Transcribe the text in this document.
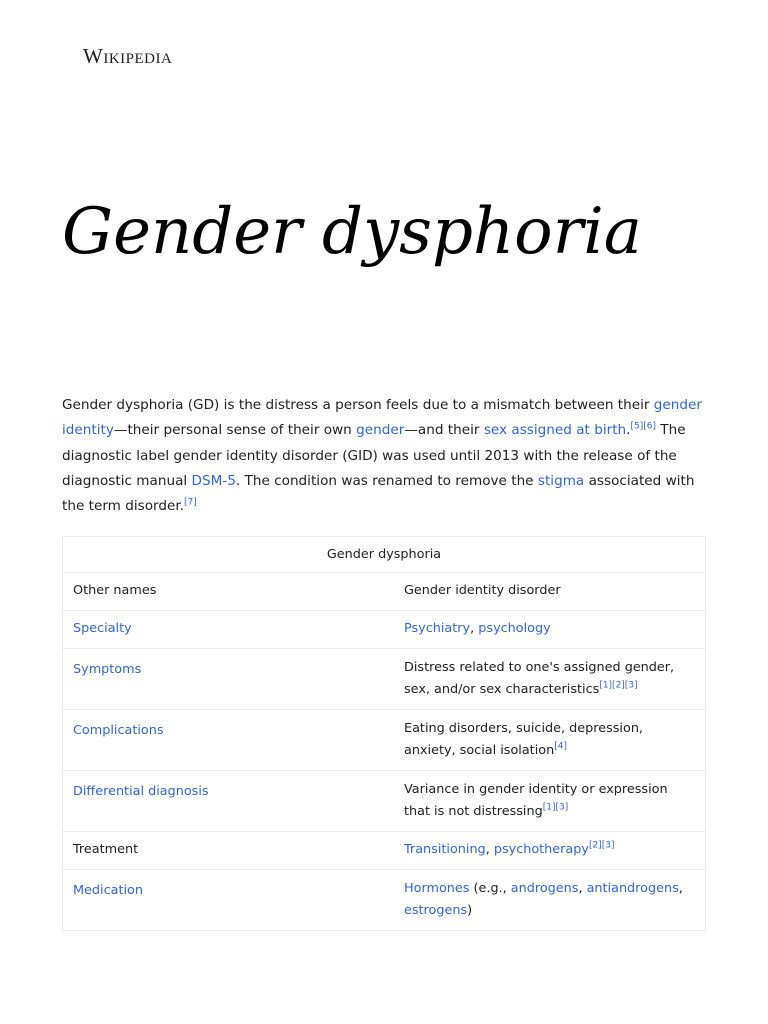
Wikipedia
Gender dysphoria

Gender dysphoria (GD) is the distress a person feels due to a mismatch between their gender identity—their personal sense of their own gender—and their sex assigned at birth.[5][6] The diagnostic label gender identity disorder (GID) was used until 2013 with the release of the diagnostic manual DSM-5. The condition was renamed to remove the stigma associated with the term disorder.[7]

Gender dysphoria	
Other names	Gender identity disorder
Specialty	Psychiatry, psychology
Symptoms	Distress related to one's assigned gender, sex, and/or sex characteristics[1][2][3]
Complications	Eating disorders, suicide, depression, anxiety, social isolation[4]
Differential diagnosis	Variance in gender identity or expression that is not distressing[1][3]
Treatment	Transitioning, psychotherapy[2][3]
Medication	Hormones (e.g., androgens, antiandrogens, estrogens)
